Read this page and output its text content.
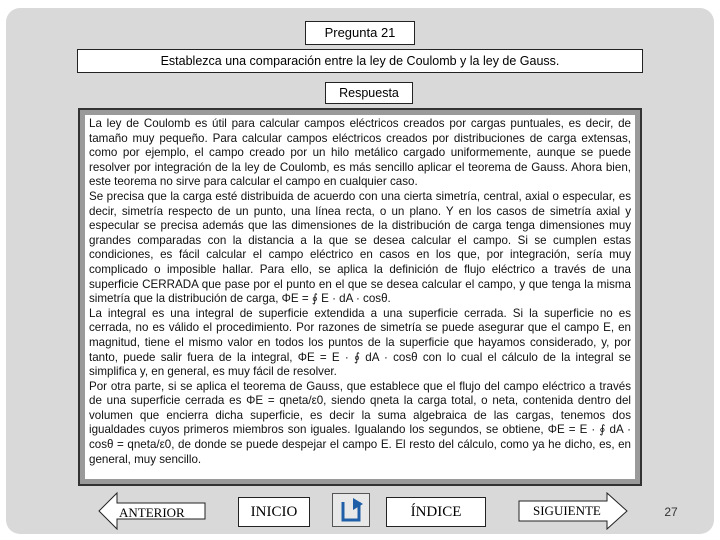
Pregunta 21
Establezca una comparación entre la ley de Coulomb y la ley de Gauss.
Respuesta

La ley de Coulomb es útil para calcular campos eléctricos creados por cargas puntuales, es decir, de tamaño muy pequeño. Para calcular campos eléctricos creados por distribuciones de carga extensas, como por ejemplo, el campo creado por un hilo metálico cargado uniformemente, aunque se puede resolver por integración de la ley de Coulomb, es más sencillo aplicar el teorema de Gauss. Ahora bien, este teorema no sirve para calcular el campo en cualquier caso.

Se precisa que la carga esté distribuida de acuerdo con una cierta simetría, central, axial o especular, es decir, simetría respecto de un punto, una línea recta, o un plano. Y en los casos de simetría axial y especular se precisa además que las dimensiones de la distribución de carga tenga dimensiones muy grandes comparadas con la distancia a la que se desea calcular el campo. Si se cumplen estas condiciones, es fácil calcular el campo eléctrico en casos en los que, por integración, sería muy complicado o imposible hallar. Para ello, se aplica la definición de flujo eléctrico a través de una superficie CERRADA que pase por el punto en el que se desea calcular el campo, y que tenga la misma simetría que la distribución de carga, ΦE = ∮ E · dA · cosθ.

La integral es una integral de superficie extendida a una superficie cerrada. Si la superficie no es cerrada, no es válido el procedimiento. Por razones de simetría se puede asegurar que el campo E, en magnitud, tiene el mismo valor en todos los puntos de la superficie que hayamos considerado, y, por tanto, puede salir fuera de la integral, ΦE = E · ∮ dA · cosθ con lo cual el cálculo de la integral se simplifica y, en general, es muy fácil de resolver.

Por otra parte, si se aplica el teorema de Gauss, que establece que el flujo del campo eléctrico a través de una superficie cerrada es ΦE = qneta/ε0, siendo qneta la carga total, o neta, contenida dentro del volumen que encierra dicha superficie, es decir la suma algebraica de las cargas, tenemos dos igualdades cuyos primeros miembros son iguales. Igualando los segundos, se obtiene, ΦE = E · ∮ dA · cosθ = qneta/ε0, de donde se puede despejar el campo E. El resto del cálculo, como ya he dicho, es, en general, muy sencillo.

ANTERIOR	INICIO	ÍNDICE	SIGUIENTE	27
